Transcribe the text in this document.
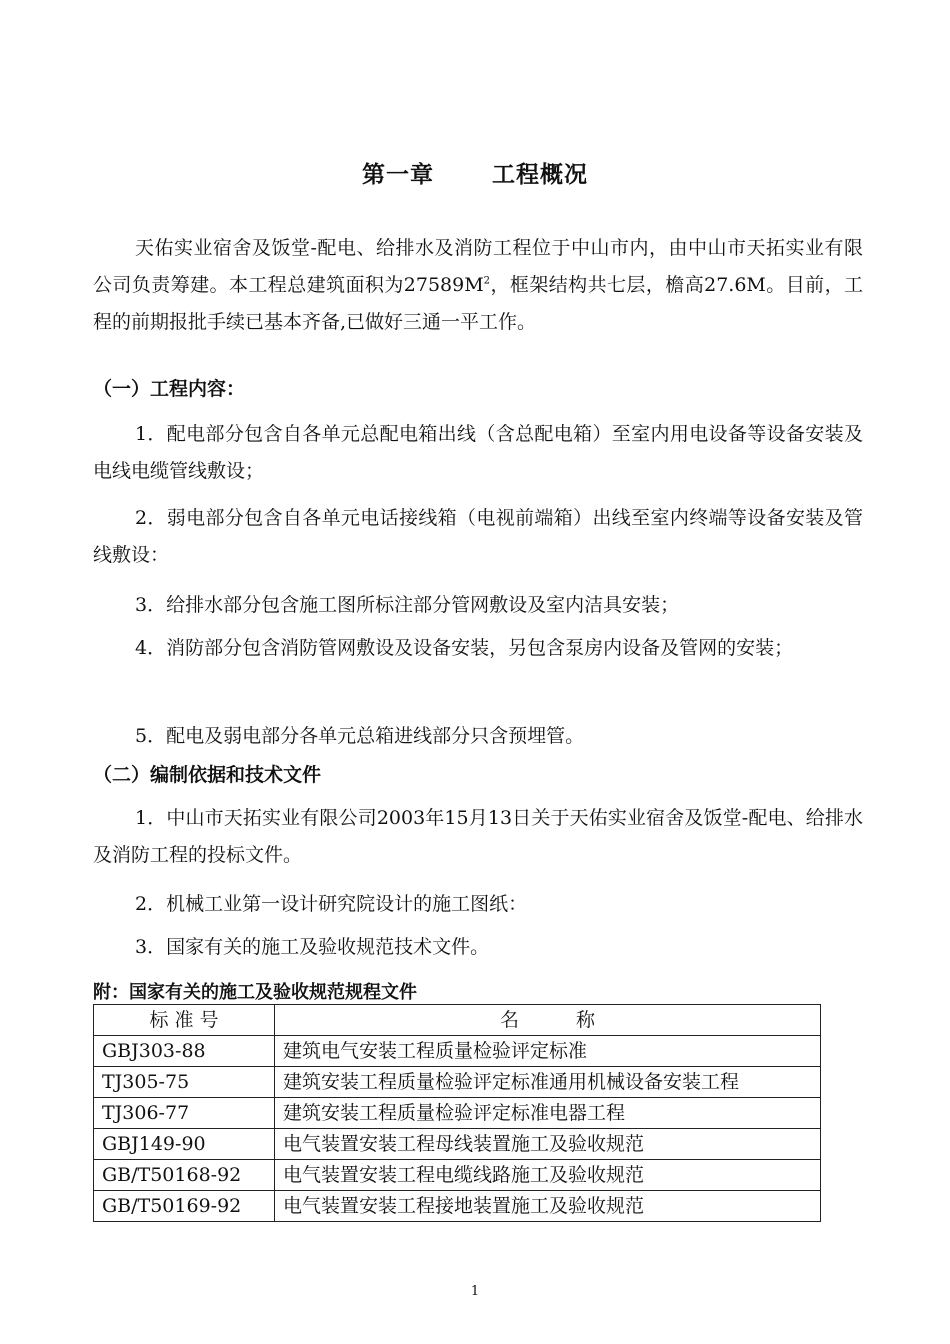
第一章	工程概况

天佑实业宿舍及饭堂-配电、给排水及消防工程位于中山市内，由中山市天拓实业有限公司负责筹建。本工程总建筑面积为$27589M^2$，框架结构共七层，檐高27.6M。目前，工程的前期报批手续已基本齐备,已做好三通一平工作。

（一）工程内容：

1．配电部分包含自各单元总配电箱出线（含总配电箱）至室内用电设备等设备安装及电线电缆管线敷设；

2．弱电部分包含自各单元电话接线箱（电视前端箱）出线至室内终端等设备安装及管线敷设：

3．给排水部分包含施工图所标注部分管网敷设及室内洁具安装；

4．消防部分包含消防管网敷设及设备安装，另包含泵房内设备及管网的安装；

5．配电及弱电部分各单元总箱进线部分只含预埋管。

（二）编制依据和技术文件

1．中山市天拓实业有限公司2003年15月13日关于天佑实业宿舍及饭堂-配电、给排水及消防工程的投标文件。

2．机械工业第一设计研究院设计的施工图纸：

3．国家有关的施工及验收规范技术文件。

附：国家有关的施工及验收规范规程文件
标 准 号	名　　　称
GBJ303-88	建筑电气安装工程质量检验评定标准
TJ305-75	建筑安装工程质量检验评定标准通用机械设备安装工程
TJ306-77	建筑安装工程质量检验评定标准电器工程
GBJ149-90	电气装置安装工程母线装置施工及验收规范
GB/T50168-92	电气装置安装工程电缆线路施工及验收规范
GB/T50169-92	电气装置安装工程接地装置施工及验收规范
1
